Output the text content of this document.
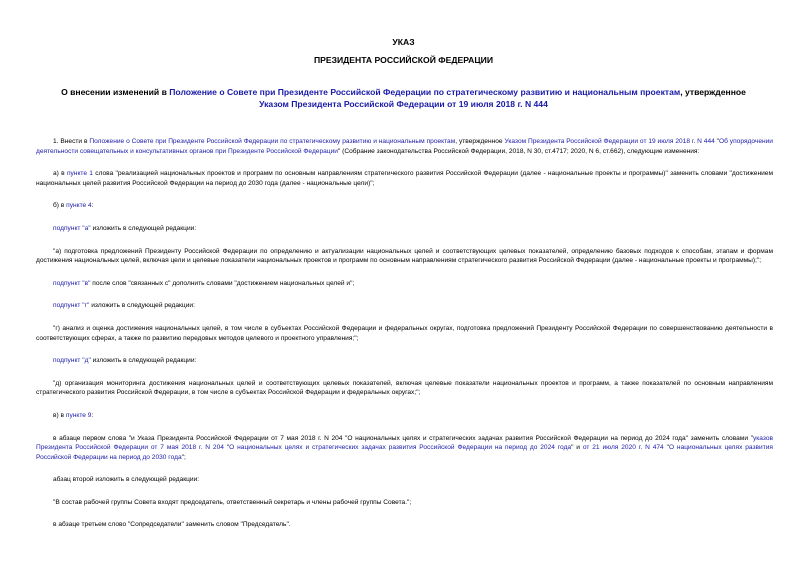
УКАЗ
ПРЕЗИДЕНТА РОССИЙСКОЙ ФЕДЕРАЦИИ
О внесении изменений в Положение о Совете при Президенте Российской Федерации по стратегическому развитию и национальным проектам, утвержденное
Указом Президента Российской Федерации от 19 июля 2018 г. N 444

1. Внести в Положение о Совете при Президенте Российской Федерации по стратегическому развитию и национальным проектам, утвержденное Указом Президента Российской Федерации от 19 июля 2018 г. N 444 "Об упорядочении деятельности совещательных и консультативных органов при Президенте Российской Федерации" (Собрание законодательства Российской Федерации, 2018, N 30, ст.4717; 2020, N 6, ст.662), следующие изменения:

а) в пункте 1 слова "реализацией национальных проектов и программ по основным направлениям стратегического развития Российской Федерации (далее - национальные проекты и программы)" заменить словами "достижением национальных целей развития Российской Федерации на период до 2030 года (далее - национальные цели)";

б) в пункте 4:

подпункт "а" изложить в следующей редакции:

"а) подготовка предложений Президенту Российской Федерации по определению и актуализации национальных целей и соответствующих целевых показателей, определению базовых подходов к способам, этапам и формам достижения национальных целей, включая цели и целевые показатели национальных проектов и программ по основным направлениям стратегического развития Российской Федерации (далее - национальные проекты и программы);";

подпункт "в" после слов "связанных с" дополнить словами "достижением национальных целей и";

подпункт "г" изложить в следующей редакции:

"г) анализ и оценка достижения национальных целей, в том числе в субъектах Российской Федерации и федеральных округах, подготовка предложений Президенту Российской Федерации по совершенствованию деятельности в соответствующих сферах, а также по развитию передовых методов целевого и проектного управления;";

подпункт "д" изложить в следующей редакции:

"д) организация мониторинга достижения национальных целей и соответствующих целевых показателей, включая целевые показатели национальных проектов и программ, а также показателей по основным направлениям стратегического развития Российской Федерации, в том числе в субъектах Российской Федерации и федеральных округах;";

в) в пункте 9:

в абзаце первом слова "и Указа Президента Российской Федерации от 7 мая 2018 г. N 204 "О национальных целях и стратегических задачах развития Российской Федерации на период до 2024 года" заменить словами "указов Президента Российской Федерации от 7 мая 2018 г. N 204 "О национальных целях и стратегических задачах развития Российской Федерации на период до 2024 года" и от 21 июля 2020 г. N 474 "О национальных целях развития Российской Федерации на период до 2030 года";

абзац второй изложить в следующей редакции:

"В состав рабочей группы Совета входят председатель, ответственный секретарь и члены рабочей группы Совета.";

в абзаце третьем слово "Сопредседатели" заменить словом "Председатель".
